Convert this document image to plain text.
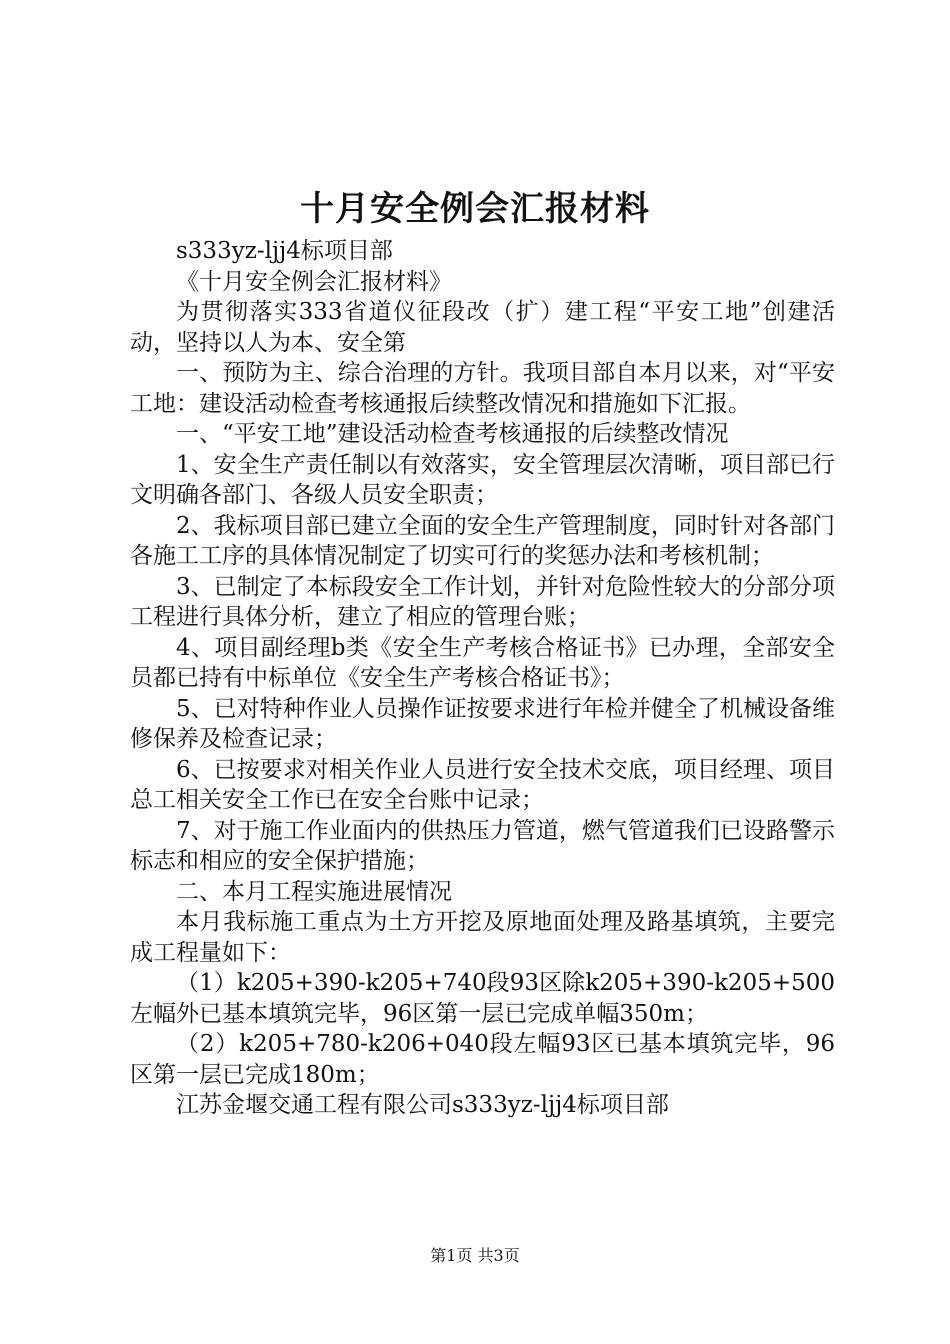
十月安全例会汇报材料

s333yz-ljj4标项目部

《十月安全例会汇报材料》

为贯彻落实333省道仪征段改（扩）建工程“平安工地”创建活动，坚持以人为本、安全第

一、预防为主、综合治理的方针。我项目部自本月以来，对“平安工地：建设活动检查考核通报后续整改情况和措施如下汇报。

一、“平安工地”建设活动检查考核通报的后续整改情况

1、安全生产责任制以有效落实，安全管理层次清晰，项目部已行文明确各部门、各级人员安全职责；

2、我标项目部已建立全面的安全生产管理制度，同时针对各部门各施工工序的具体情况制定了切实可行的奖惩办法和考核机制；

3、已制定了本标段安全工作计划，并针对危险性较大的分部分项工程进行具体分析，建立了相应的管理台账；

4、项目副经理b类《安全生产考核合格证书》已办理，全部安全员都已持有中标单位《安全生产考核合格证书》；

5、已对特种作业人员操作证按要求进行年检并健全了机械设备维修保养及检查记录；

6、已按要求对相关作业人员进行安全技术交底，项目经理、项目总工相关安全工作已在安全台账中记录；

7、对于施工作业面内的供热压力管道，燃气管道我们已设路警示标志和相应的安全保护措施；

二、本月工程实施进展情况

本月我标施工重点为土方开挖及原地面处理及路基填筑，主要完成工程量如下：

（1）k205+390-k205+740段93区除k205+390-k205+500左幅外已基本填筑完毕，96区第一层已完成单幅350m；

（2）k205+780-k206+040段左幅93区已基本填筑完毕，96区第一层已完成180m；

江苏金堰交通工程有限公司s333yz-ljj4标项目部

第1页 共3页
